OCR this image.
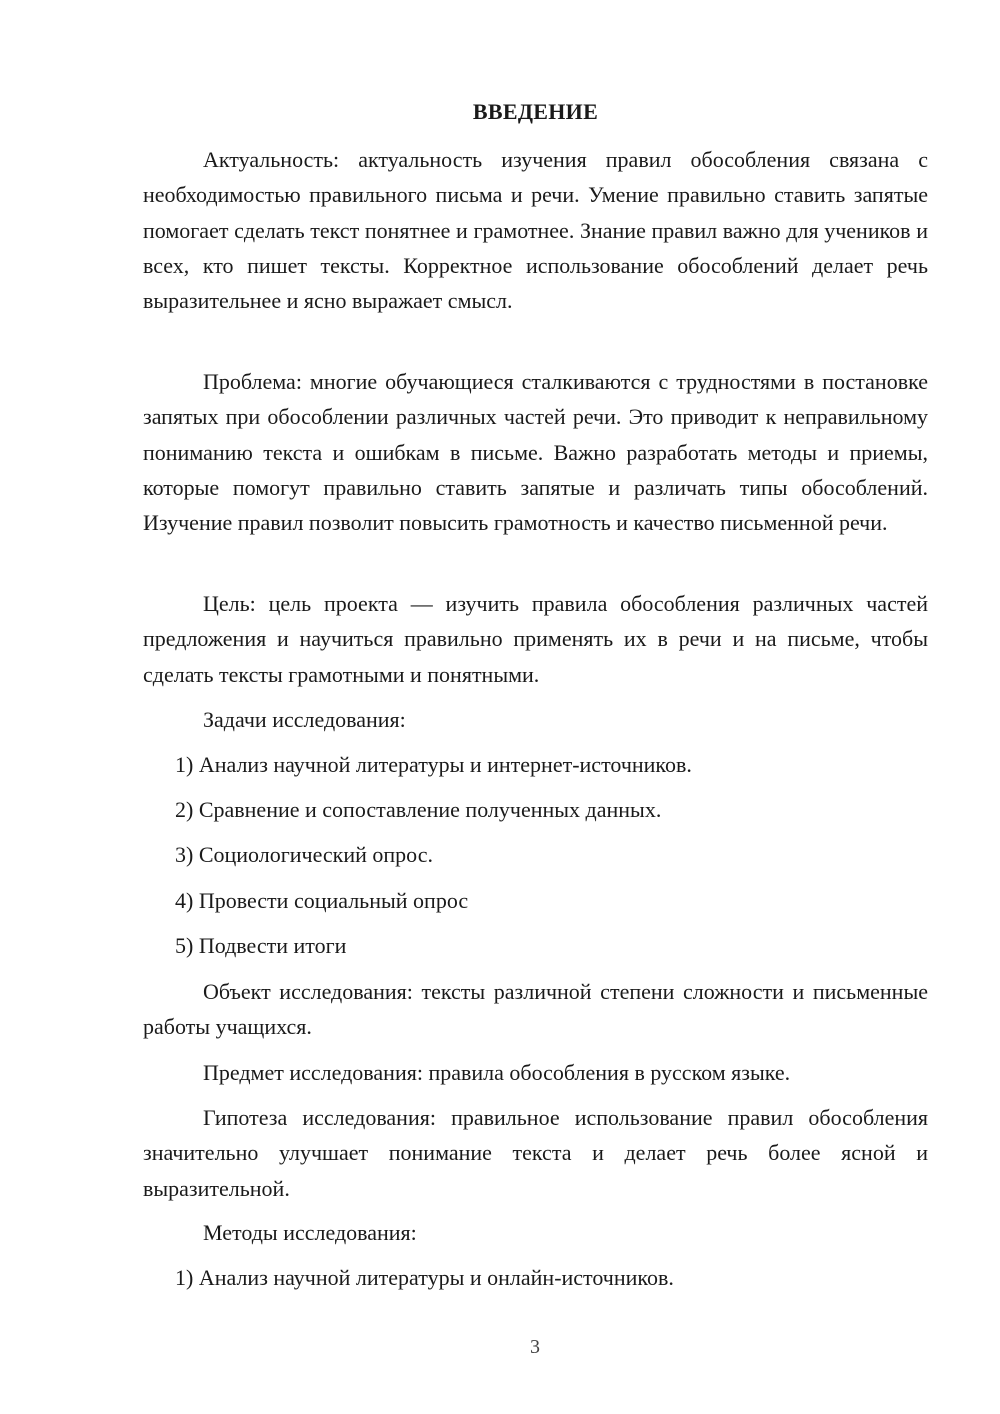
ВВЕДЕНИЕ

Актуальность: актуальность изучения правил обособления связана с необходимостью правильного письма и речи. Умение правильно ставить запятые помогает сделать текст понятнее и грамотнее. Знание правил важно для учеников и всех, кто пишет тексты. Корректное использование обособлений делает речь выразительнее и ясно выражает смысл.

Проблема: многие обучающиеся сталкиваются с трудностями в постановке запятых при обособлении различных частей речи. Это приводит к неправильному пониманию текста и ошибкам в письме. Важно разработать методы и приемы, которые помогут правильно ставить запятые и различать типы обособлений. Изучение правил позволит повысить грамотность и качество письменной речи.

Цель: цель проекта — изучить правила обособления различных частей предложения и научиться правильно применять их в речи и на письме, чтобы сделать тексты грамотными и понятными.

Задачи исследования:
1) Анализ научной литературы и интернет-источников.
2) Сравнение и сопоставление полученных данных.
3) Социологический опрос.
4) Провести социальный опрос
5) Подвести итоги

Объект исследования: тексты различной степени сложности и письменные работы учащихся.

Предмет исследования: правила обособления в русском языке.

Гипотеза исследования: правильное использование правил обособления значительно улучшает понимание текста и делает речь более ясной и выразительной.

Методы исследования:
1) Анализ научной литературы и онлайн-источников.
3
